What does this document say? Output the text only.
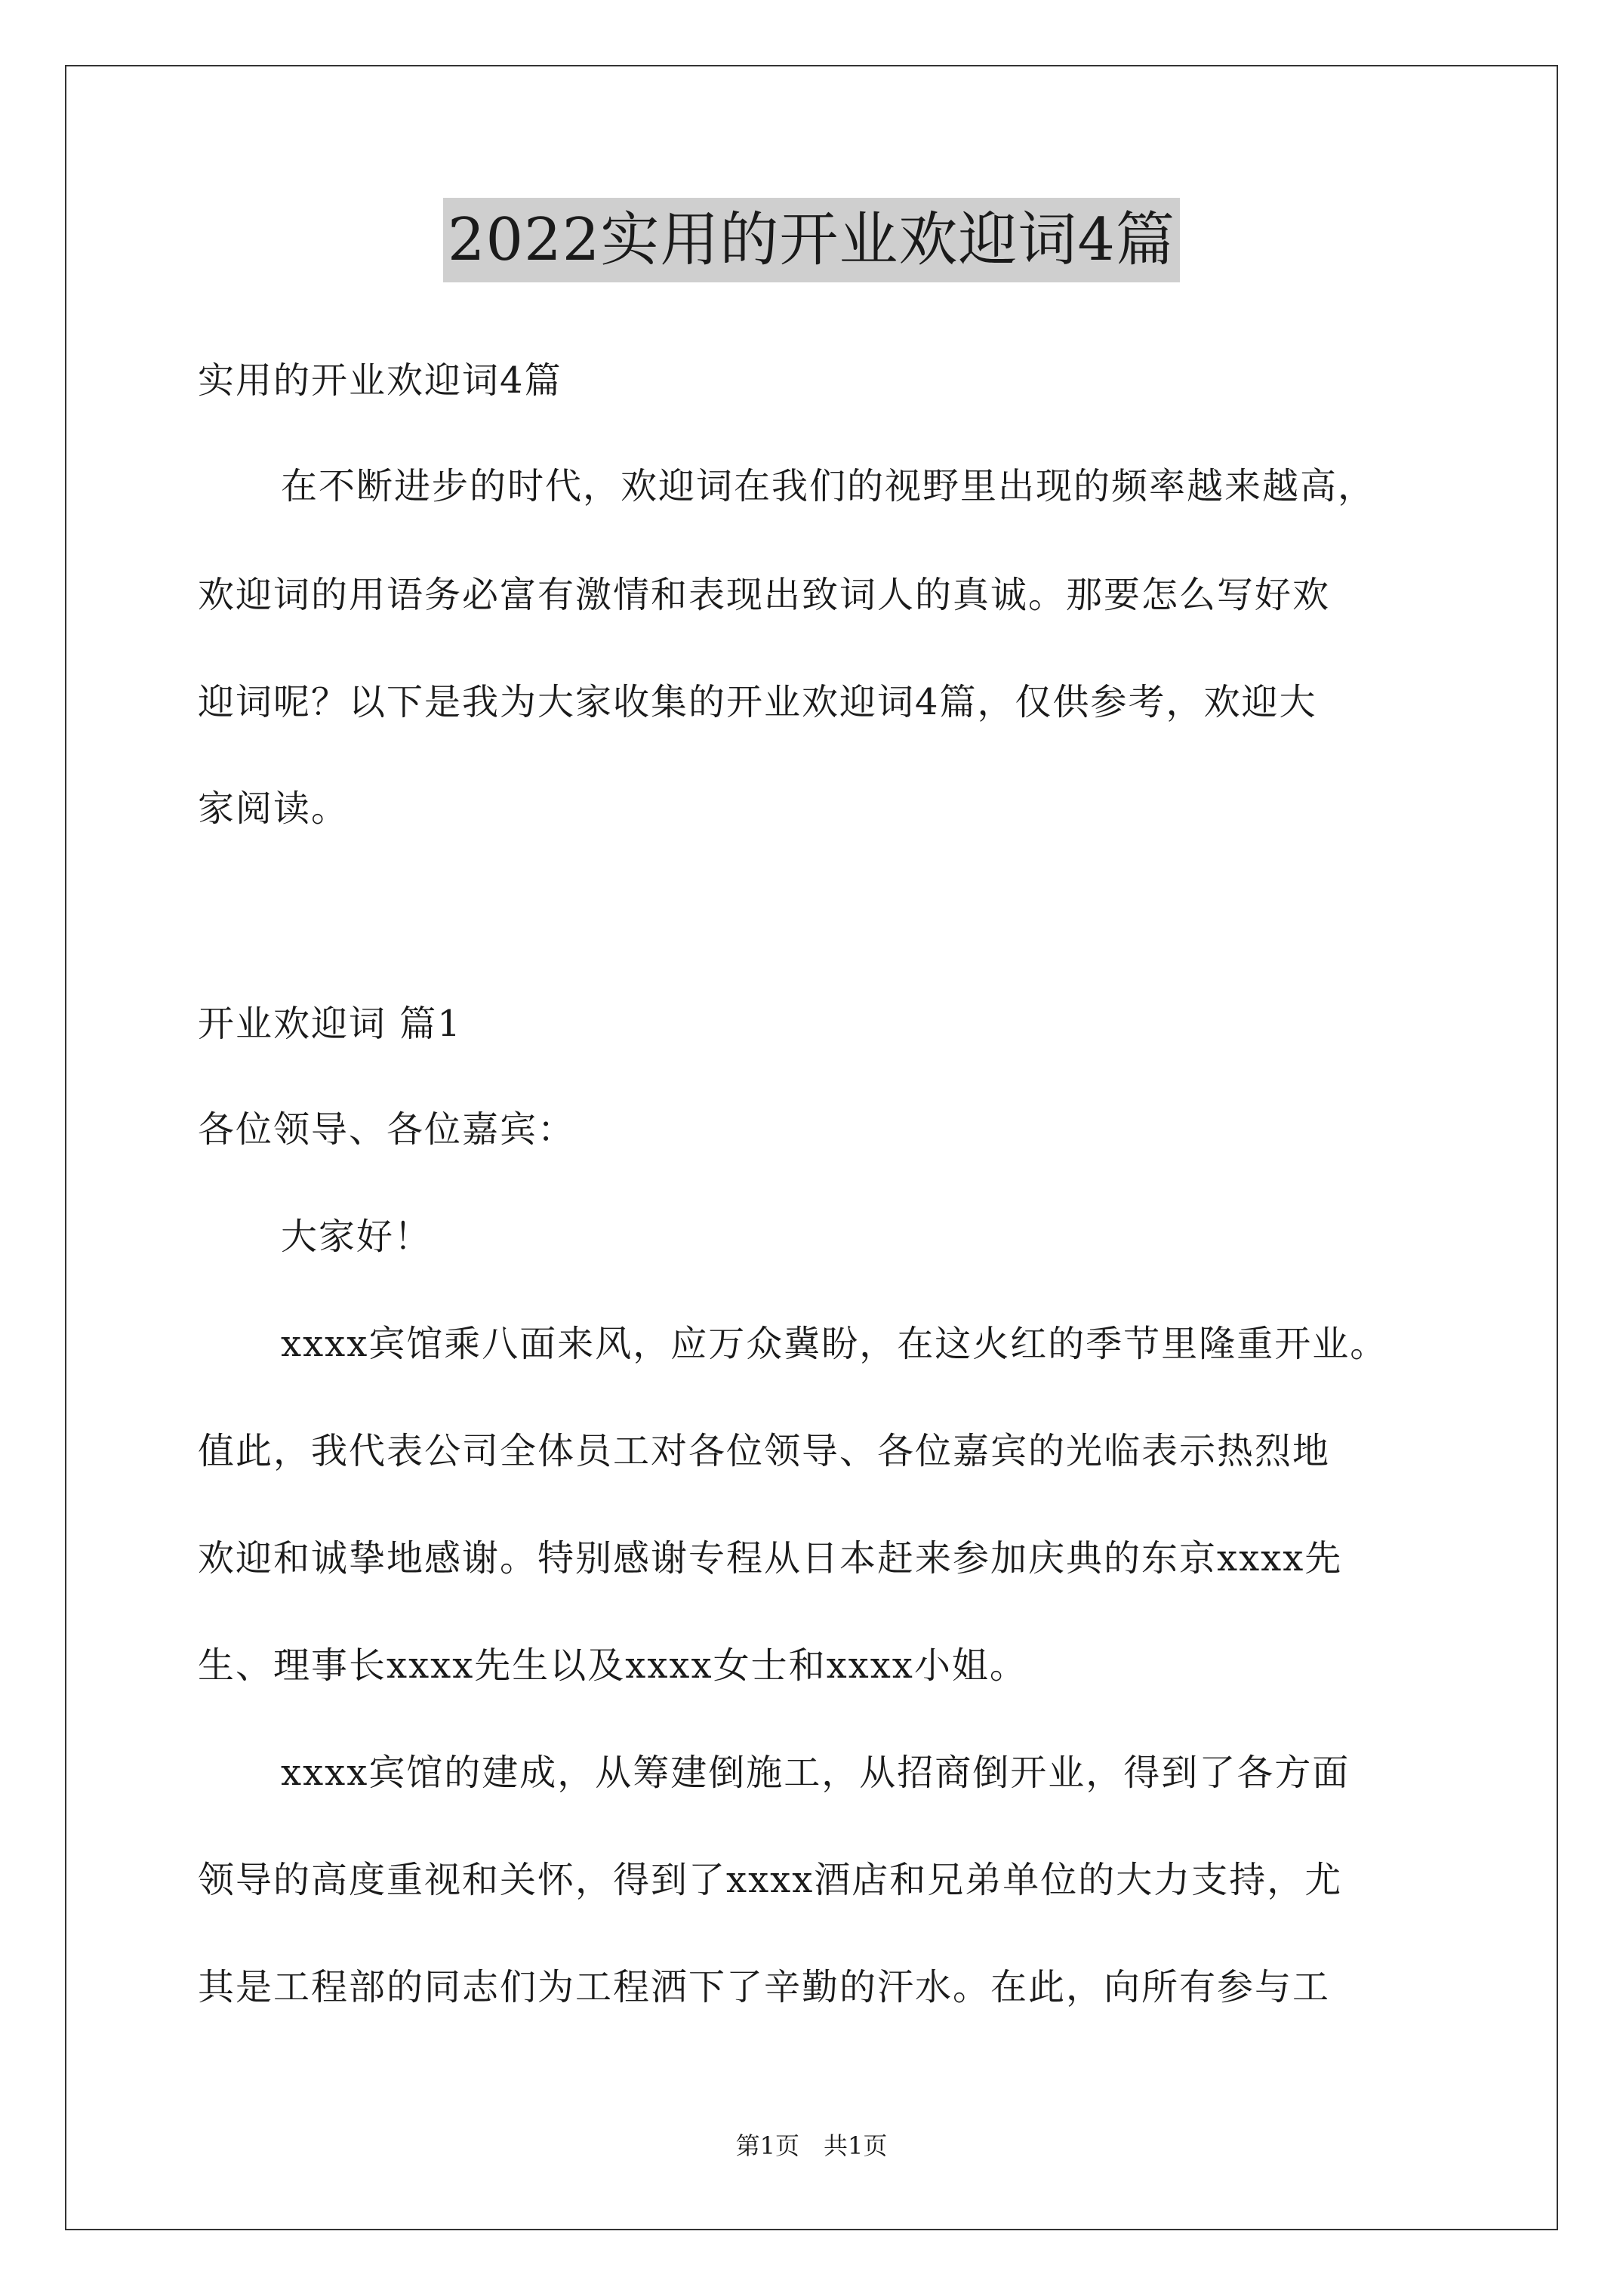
2022实用的开业欢迎词4篇
实用的开业欢迎词4篇
在不断进步的时代，欢迎词在我们的视野里出现的频率越来越高，
欢迎词的用语务必富有激情和表现出致词人的真诚。那要怎么写好欢
迎词呢？以下是我为大家收集的开业欢迎词4篇，仅供参考，欢迎大
家阅读。
开业欢迎词 篇1
各位领导、各位嘉宾：
大家好！
xxxx宾馆乘八面来风，应万众冀盼，在这火红的季节里隆重开业。
值此，我代表公司全体员工对各位领导、各位嘉宾的光临表示热烈地
欢迎和诚挚地感谢。特别感谢专程从日本赶来参加庆典的东京xxxx先
生、理事长xxxx先生以及xxxx女士和xxxx小姐。
xxxx宾馆的建成，从筹建倒施工，从招商倒开业，得到了各方面
领导的高度重视和关怀，得到了xxxx酒店和兄弟单位的大力支持，尤
其是工程部的同志们为工程洒下了辛勤的汗水。在此，向所有参与工
第1页　共1页
